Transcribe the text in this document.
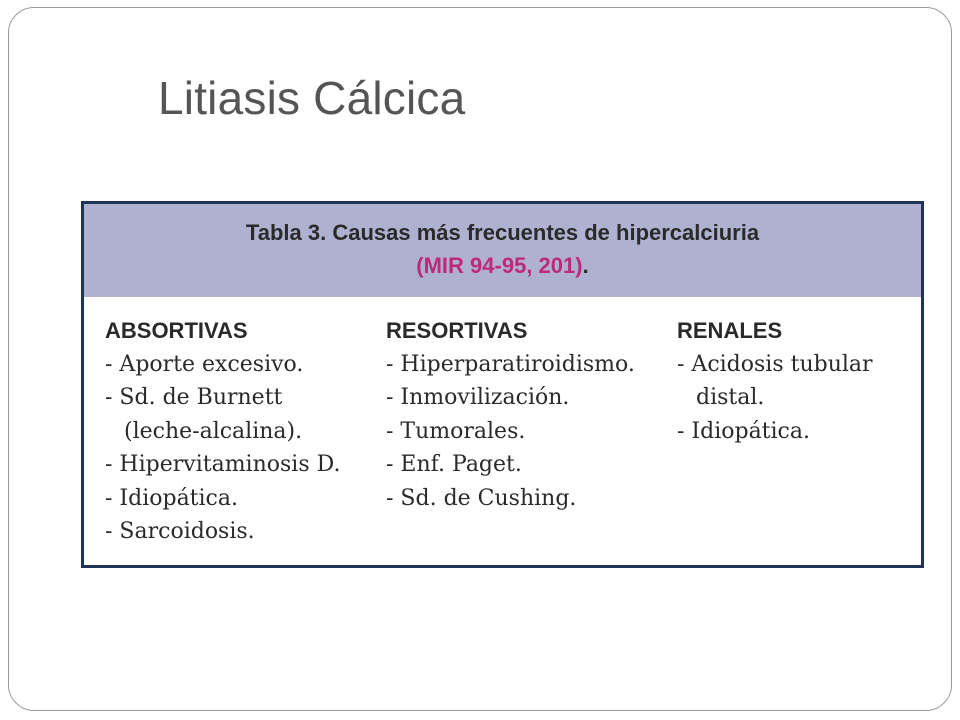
Litiasis Cálcica
Tabla 3. Causas más frecuentes de hipercalciuria
(MIR 94-95, 201).
ABSORTIVAS
- Aporte excesivo.
- Sd. de Burnett
(leche-alcalina).
- Hipervitaminosis D.
- Idiopática.
- Sarcoidosis.
RESORTIVAS
- Hiperparatiroidismo.
- Inmovilización.
- Tumorales.
- Enf. Paget.
- Sd. de Cushing.
RENALES
- Acidosis tubular
distal.
- Idiopática.
